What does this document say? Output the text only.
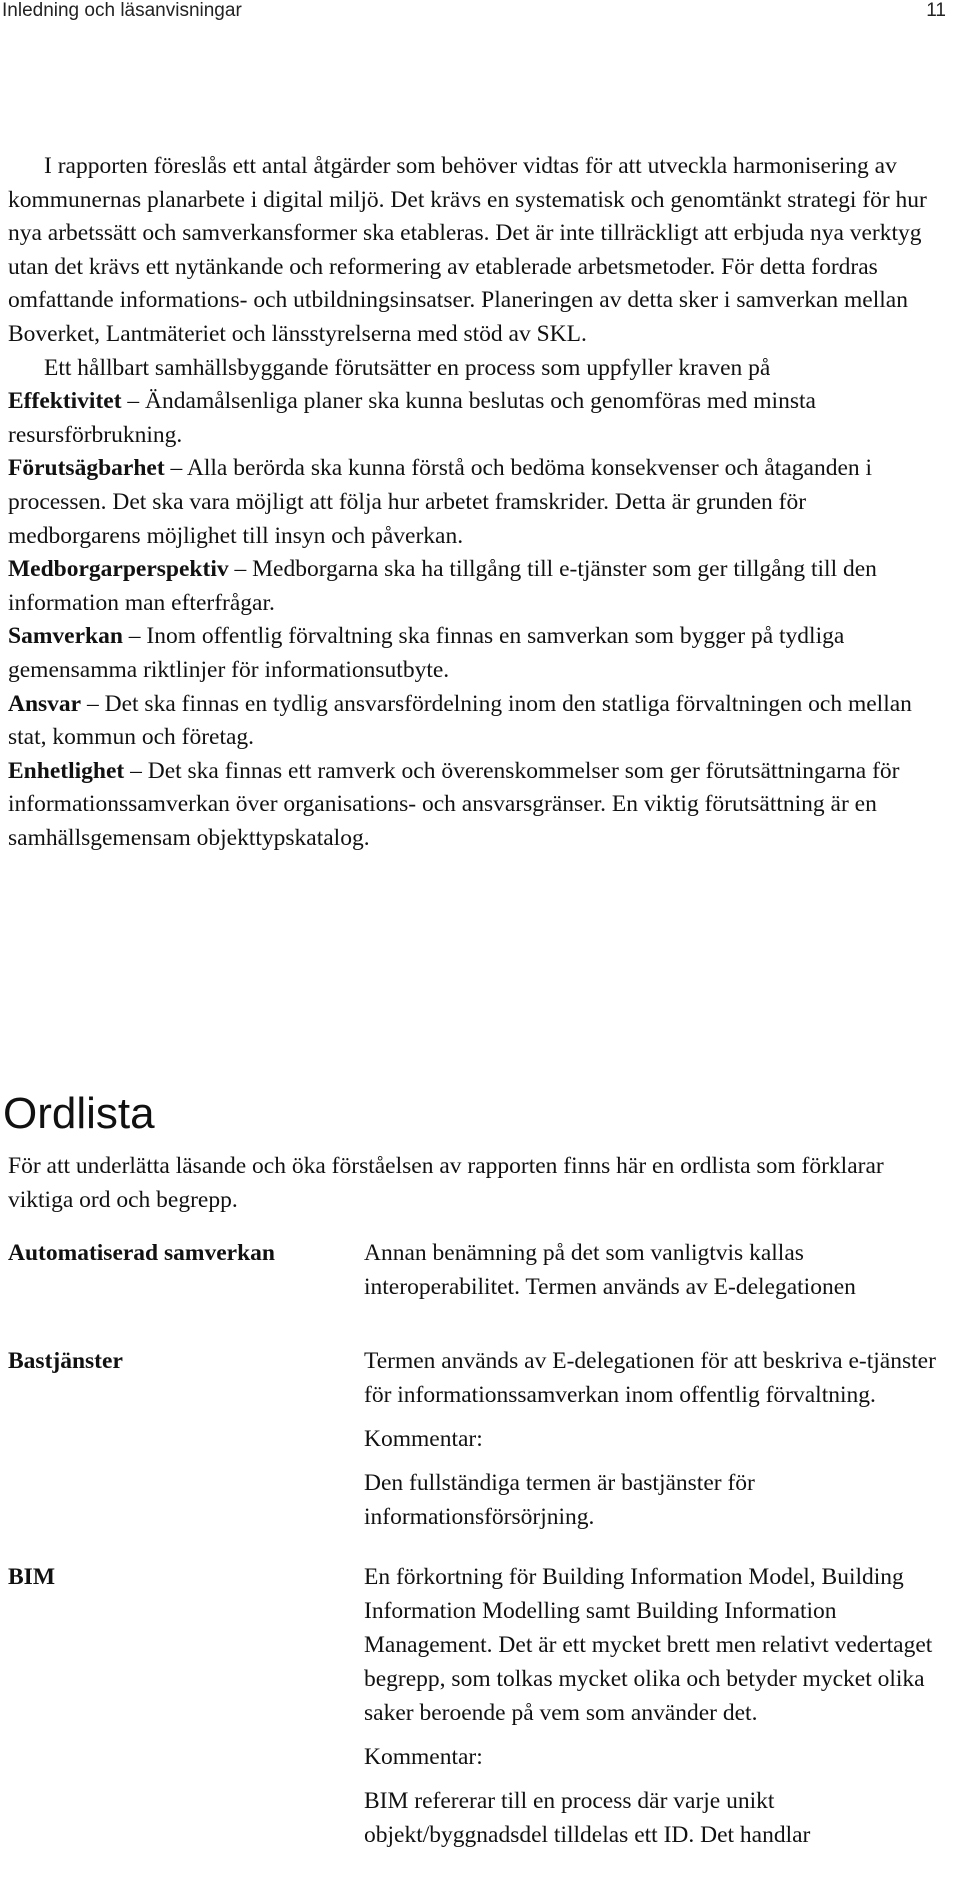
Inledning och läsanvisningar	11

I rapporten föreslås ett antal åtgärder som behöver vidtas för att utveckla harmonisering av kommunernas planarbete i digital miljö. Det krävs en systematisk och genomtänkt strategi för hur nya arbetssätt och samverkansformer ska etableras. Det är inte tillräckligt att erbjuda nya verktyg utan det krävs ett nytänkande och reformering av etablerade arbetsmetoder. För detta fordras omfattande informations- och utbildningsinsatser. Planeringen av detta sker i samverkan mellan Boverket, Lantmäteriet och länsstyrelserna med stöd av SKL.

Ett hållbart samhällsbyggande förutsätter en process som uppfyller kraven på

Effektivitet – Ändamålsenliga planer ska kunna beslutas och genomföras med minsta resursförbrukning.

Förutsägbarhet – Alla berörda ska kunna förstå och bedöma konsekvenser och åtaganden i processen. Det ska vara möjligt att följa hur arbetet framskrider. Detta är grunden för medborgarens möjlighet till insyn och påverkan.

Medborgarperspektiv – Medborgarna ska ha tillgång till e-tjänster som ger tillgång till den information man efterfrågar.

Samverkan – Inom offentlig förvaltning ska finnas en samverkan som bygger på tydliga gemensamma riktlinjer för informationsutbyte.

Ansvar – Det ska finnas en tydlig ansvarsfördelning inom den statliga förvaltningen och mellan stat, kommun och företag.

Enhetlighet – Det ska finnas ett ramverk och överenskommelser som ger förutsättningarna för informationssamverkan över organisations- och ansvarsgränser. En viktig förutsättning är en samhällsgemensam objekttypskatalog.

Ordlista

För att underlätta läsande och öka förståelsen av rapporten finns här en ordlista som förklarar viktiga ord och begrepp.

Automatiserad samverkan	Annan benämning på det som vanligtvis kallas interoperabilitet. Termen används av E-delegationen

Bastjänster	Termen används av E-delegationen för att beskriva e-tjänster för informationssamverkan inom offentlig förvaltning.

Kommentar:

Den fullständiga termen är bastjänster för informationsförsörjning.

BIM	En förkortning för Building Information Model, Building Information Modelling samt Building Information Management. Det är ett mycket brett men relativt vedertaget begrepp, som tolkas mycket olika och betyder mycket olika saker beroende på vem som använder det.

Kommentar:

BIM refererar till en process där varje unikt objekt/byggnadsdel tilldelas ett ID. Det handlar
